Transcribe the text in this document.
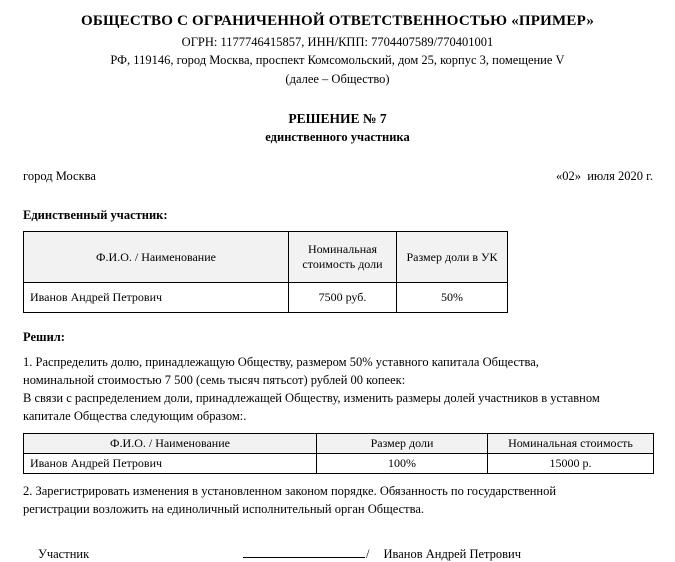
ОБЩЕСТВО С ОГРАНИЧЕННОЙ ОТВЕТСТВЕННОСТЬЮ «ПРИМЕР»
ОГРН: 1177746415857, ИНН/КПП: 7704407589/770401001
РФ, 119146, город Москва, проспект Комсомольский, дом 25, корпус 3, помещение V
(далее – Общество)
РЕШЕНИЕ № 7
единственного участника
город Москва	«02»  июля 2020 г.
Единственный участник:
Ф.И.О. / Наименование	Номинальная стоимость доли	Размер доли в УК
Иванов Андрей Петрович	7500 руб.	50%
Решил:

1. Распределить долю, принадлежащую Обществу, размером 50% уставного капитала Общества,

номинальной стоимостью 7 500 (семь тысяч пятьсот) рублей 00 копеек:

В связи с распределением доли, принадлежащей Обществу, изменить размеры долей участников в уставном

капитале Общества следующим образом:.

Ф.И.О. / Наименование	Размер доли	Номинальная стоимость
Иванов Андрей Петрович	100%	15000 р.

2. Зарегистрировать изменения в установленном законом порядке. Обязанность по государственной

регистрации возложить на единоличный исполнительный орган Общества.

Участник	/ Иванов Андрей Петрович
